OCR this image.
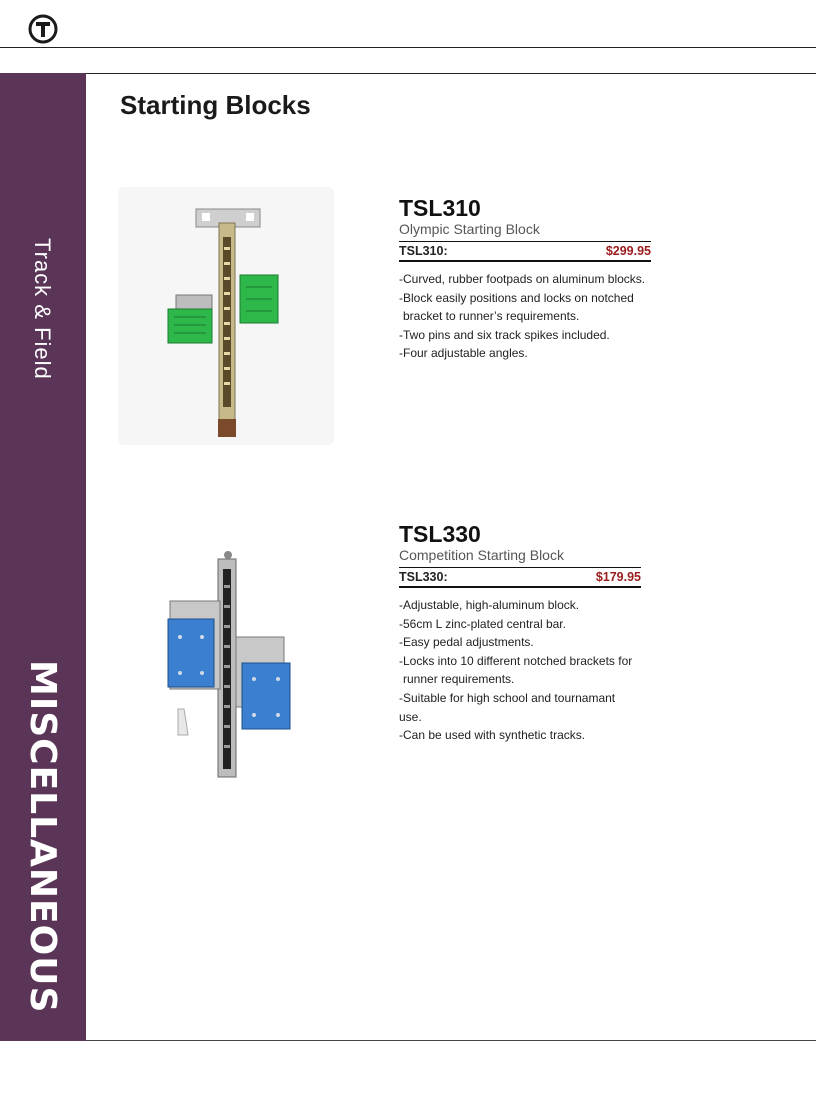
Track & Field
MISCELLANEOUS
86
Starting Blocks
TSL310
Olympic Starting Block
TSL310:	$299.95
-Curved, rubber footpads on aluminum blocks.
-Block easily positions and locks on notched
bracket to runner’s requirements.
-Two pins and six track spikes included.
-Four adjustable angles.
TSL330
Competition Starting Block
TSL330:	$179.95
-Adjustable, high-aluminum block.
-56cm L zinc-plated central bar.
-Easy pedal adjustments.
-Locks into 10 different notched brackets for
runner requirements.
-Suitable for high school and tournamant use.
-Can be used with synthetic tracks.
